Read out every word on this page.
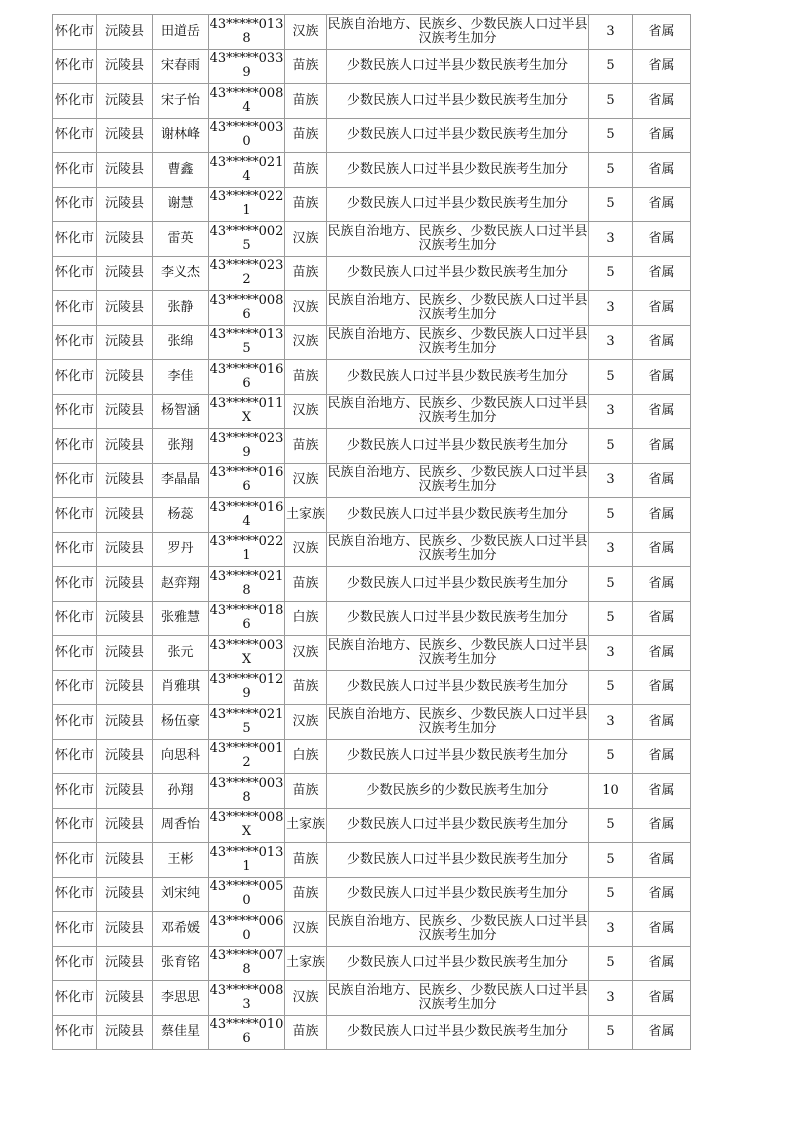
怀化市	沅陵县	田道岳	43*****0138	汉族	民族自治地方、民族乡、少数民族人口过半县汉族考生加分	3	省属

怀化市	沅陵县	宋春雨	43*****0339	苗族	少数民族人口过半县少数民族考生加分	5	省属

怀化市	沅陵县	宋子怡	43*****0084	苗族	少数民族人口过半县少数民族考生加分	5	省属

怀化市	沅陵县	谢林峰	43*****0030	苗族	少数民族人口过半县少数民族考生加分	5	省属

怀化市	沅陵县	曹鑫	43*****0214	苗族	少数民族人口过半县少数民族考生加分	5	省属

怀化市	沅陵县	谢慧	43*****0221	苗族	少数民族人口过半县少数民族考生加分	5	省属

怀化市	沅陵县	雷英	43*****0025	汉族	民族自治地方、民族乡、少数民族人口过半县汉族考生加分	3	省属

怀化市	沅陵县	李义杰	43*****0232	苗族	少数民族人口过半县少数民族考生加分	5	省属

怀化市	沅陵县	张静	43*****0086	汉族	民族自治地方、民族乡、少数民族人口过半县汉族考生加分	3	省属

怀化市	沅陵县	张绵	43*****0135	汉族	民族自治地方、民族乡、少数民族人口过半县汉族考生加分	3	省属

怀化市	沅陵县	李佳	43*****0166	苗族	少数民族人口过半县少数民族考生加分	5	省属

怀化市	沅陵县	杨智涵	43*****011X	汉族	民族自治地方、民族乡、少数民族人口过半县汉族考生加分	3	省属

怀化市	沅陵县	张翔	43*****0239	苗族	少数民族人口过半县少数民族考生加分	5	省属

怀化市	沅陵县	李晶晶	43*****0166	汉族	民族自治地方、民族乡、少数民族人口过半县汉族考生加分	3	省属

怀化市	沅陵县	杨蕊	43*****0164	土家族	少数民族人口过半县少数民族考生加分	5	省属

怀化市	沅陵县	罗丹	43*****0221	汉族	民族自治地方、民族乡、少数民族人口过半县汉族考生加分	3	省属

怀化市	沅陵县	赵弈翔	43*****0218	苗族	少数民族人口过半县少数民族考生加分	5	省属

怀化市	沅陵县	张雅慧	43*****0186	白族	少数民族人口过半县少数民族考生加分	5	省属

怀化市	沅陵县	张元	43*****003X	汉族	民族自治地方、民族乡、少数民族人口过半县汉族考生加分	3	省属

怀化市	沅陵县	肖雅琪	43*****0129	苗族	少数民族人口过半县少数民族考生加分	5	省属

怀化市	沅陵县	杨伍豪	43*****0215	汉族	民族自治地方、民族乡、少数民族人口过半县汉族考生加分	3	省属

怀化市	沅陵县	向思科	43*****0012	白族	少数民族人口过半县少数民族考生加分	5	省属

怀化市	沅陵县	孙翔	43*****0038	苗族	少数民族乡的少数民族考生加分	10	省属

怀化市	沅陵县	周香怡	43*****008X	土家族	少数民族人口过半县少数民族考生加分	5	省属

怀化市	沅陵县	王彬	43*****0131	苗族	少数民族人口过半县少数民族考生加分	5	省属

怀化市	沅陵县	刘宋纯	43*****0050	苗族	少数民族人口过半县少数民族考生加分	5	省属

怀化市	沅陵县	邓希媛	43*****0060	汉族	民族自治地方、民族乡、少数民族人口过半县汉族考生加分	3	省属

怀化市	沅陵县	张育铭	43*****0078	土家族	少数民族人口过半县少数民族考生加分	5	省属

怀化市	沅陵县	李思思	43*****0083	汉族	民族自治地方、民族乡、少数民族人口过半县汉族考生加分	3	省属

怀化市	沅陵县	蔡佳星	43*****0106	苗族	少数民族人口过半县少数民族考生加分	5	省属
